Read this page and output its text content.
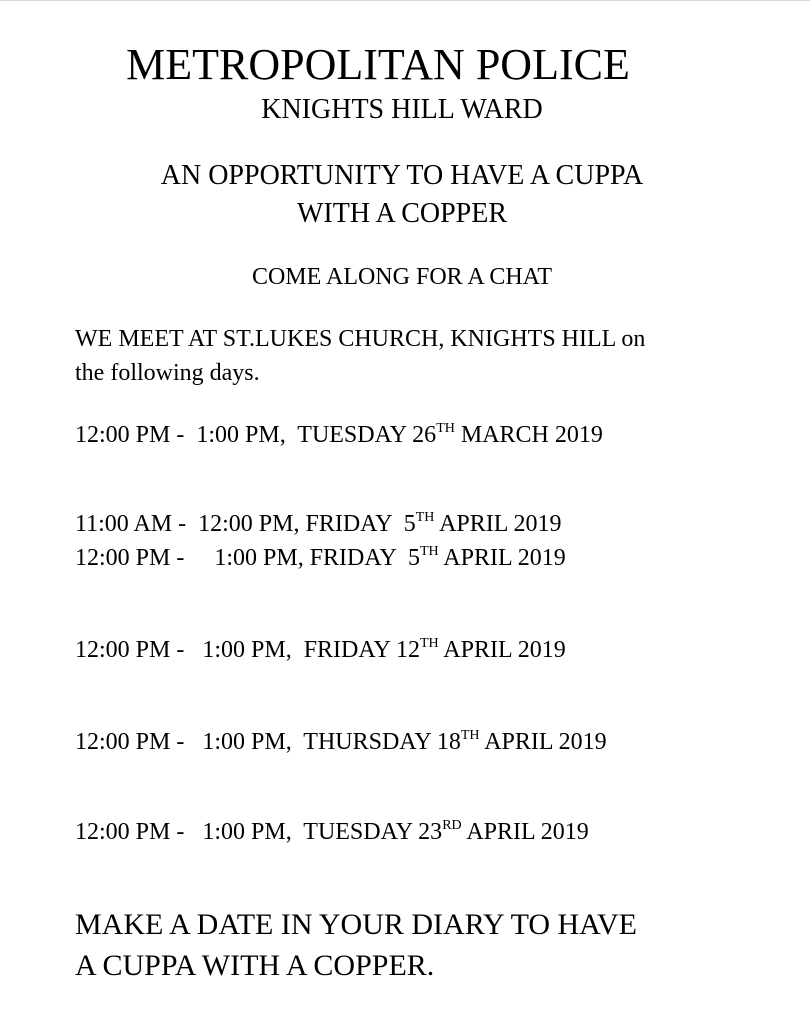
METROPOLITAN POLICE
KNIGHTS HILL WARD
AN OPPORTUNITY TO HAVE A CUPPA
WITH A COPPER
COME ALONG FOR A CHAT
WE MEET AT ST.LUKES CHURCH, KNIGHTS HILL on
the following days.
12:00 PM -  1:00 PM,  TUESDAY 26TH MARCH 2019
11:00 AM -  12:00 PM, FRIDAY  5TH APRIL 2019
12:00 PM -     1:00 PM, FRIDAY  5TH APRIL 2019
12:00 PM -   1:00 PM,  FRIDAY 12TH APRIL 2019
12:00 PM -   1:00 PM,  THURSDAY 18TH APRIL 2019
12:00 PM -   1:00 PM,  TUESDAY 23RD APRIL 2019
MAKE A DATE IN YOUR DIARY TO HAVE
A CUPPA WITH A COPPER.
